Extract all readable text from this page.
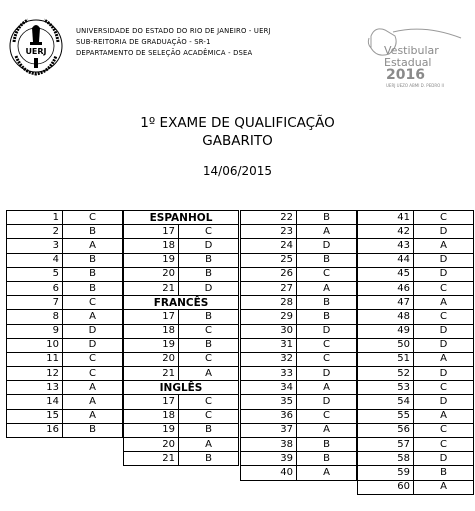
UERJ
UNIVERSIDADE DO ESTADO DO RIO DE JANEIRO - UERJ
SUB-REITORIA DE GRADUAÇÃO - SR-1
DEPARTAMENTO DE SELEÇÃO ACADÊMICA - DSEA	Vestibular
Estadual
2016
UERJ UEZO ABMI D. PEDRO II
1º EXAME DE QUALIFICAÇÃO
GABARITO
14/06/2015
1	C
2	B
3	A
4	B
5	B
6	B
7	C
8	A
9	D
10	D
11	C
12	C
13	A
14	A
15	A
16	B
ESPANHOL	
17	C
18	D
19	B
20	B
21	D
FRANCÊS	
17	B
18	C
19	B
20	C
21	A
INGLÊS	
17	C
18	C
19	B
20	A
21	B
22	B
23	A
24	D
25	B
26	C
27	A
28	B
29	B
30	D
31	C
32	C
33	D
34	A
35	D
36	C
37	A
38	B
39	B
40	A
41	C
42	D
43	A
44	D
45	D
46	C
47	A
48	C
49	D
50	D
51	A
52	D
53	C
54	D
55	A
56	C
57	C
58	D
59	B
60	A
